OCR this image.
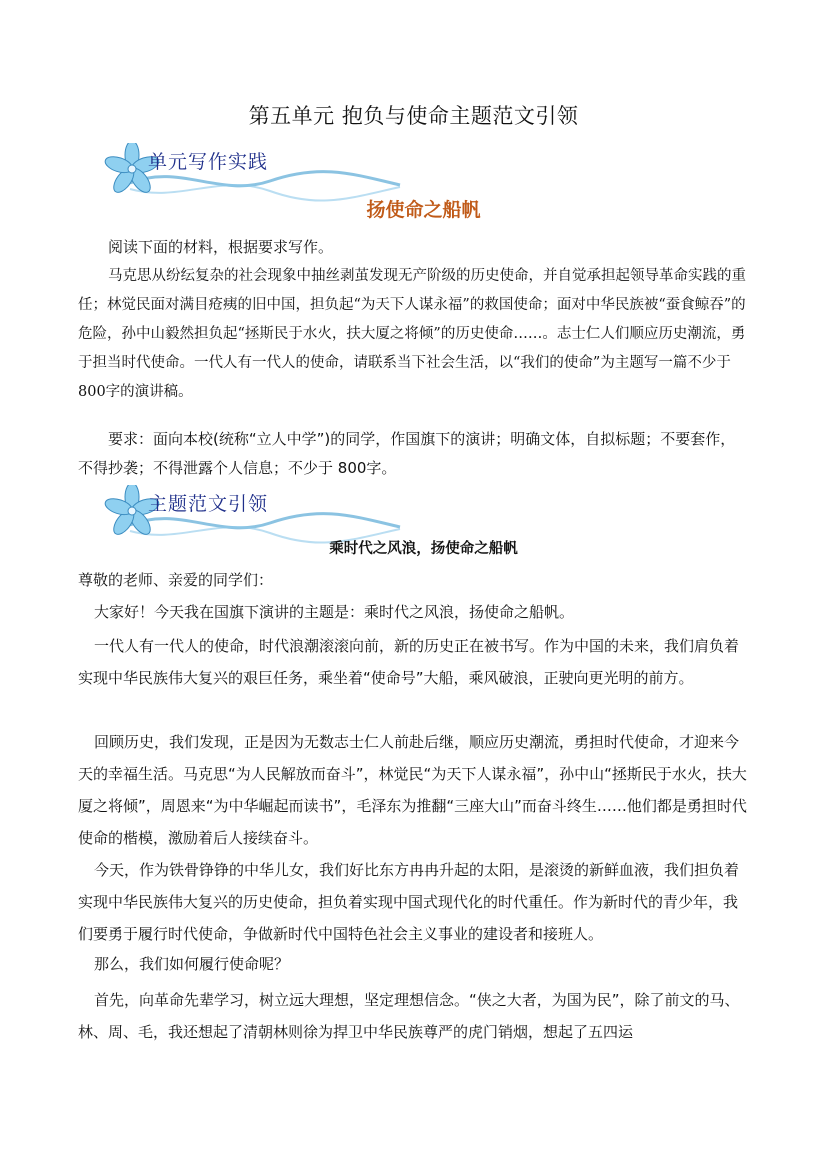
第五单元 抱负与使命主题范文引领
单元写作实践
扬使命之船帆

阅读下面的材料，根据要求写作。

马克思从纷纭复杂的社会现象中抽丝剥茧发现无产阶级的历史使命，并自觉承担起领导革命实践的重任；林觉民面对满目疮痍的旧中国，担负起“为天下人谋永福”的救国使命；面对中华民族被“蚕食鲸吞”的危险，孙中山毅然担负起“拯斯民于水火，扶大厦之将倾”的历史使命……。志士仁人们顺应历史潮流，勇于担当时代使命。一代人有一代人的使命，请联系当下社会生活，以“我们的使命”为主题写一篇不少于800字的演讲稿。

要求：面向本校(统称“立人中学”)的同学，作国旗下的演讲；明确文体，自拟标题；不要套作，不得抄袭；不得泄露个人信息；不少于 800字。

主题范文引领
乘时代之风浪，扬使命之船帆

尊敬的老师、亲爱的同学们：

大家好！今天我在国旗下演讲的主题是：乘时代之风浪，扬使命之船帆。

一代人有一代人的使命，时代浪潮滚滚向前，新的历史正在被书写。作为中国的未来，我们肩负着实现中华民族伟大复兴的艰巨任务，乘坐着“使命号”大船，乘风破浪，正驶向更光明的前方。

回顾历史，我们发现，正是因为无数志士仁人前赴后继，顺应历史潮流，勇担时代使命，才迎来今天的幸福生活。马克思“为人民解放而奋斗”，林觉民“为天下人谋永福”，孙中山“拯斯民于水火，扶大厦之将倾”，周恩来“为中华崛起而读书”，毛泽东为推翻“三座大山”而奋斗终生……他们都是勇担时代使命的楷模，激励着后人接续奋斗。

今天，作为铁骨铮铮的中华儿女，我们好比东方冉冉升起的太阳，是滚烫的新鲜血液，我们担负着实现中华民族伟大复兴的历史使命，担负着实现中国式现代化的时代重任。作为新时代的青少年，我们要勇于履行时代使命，争做新时代中国特色社会主义事业的建设者和接班人。

那么，我们如何履行使命呢？

首先，向革命先辈学习，树立远大理想，坚定理想信念。“侠之大者，为国为民”，除了前文的马、林、周、毛，我还想起了清朝林则徐为捍卫中华民族尊严的虎门销烟，想起了五四运
